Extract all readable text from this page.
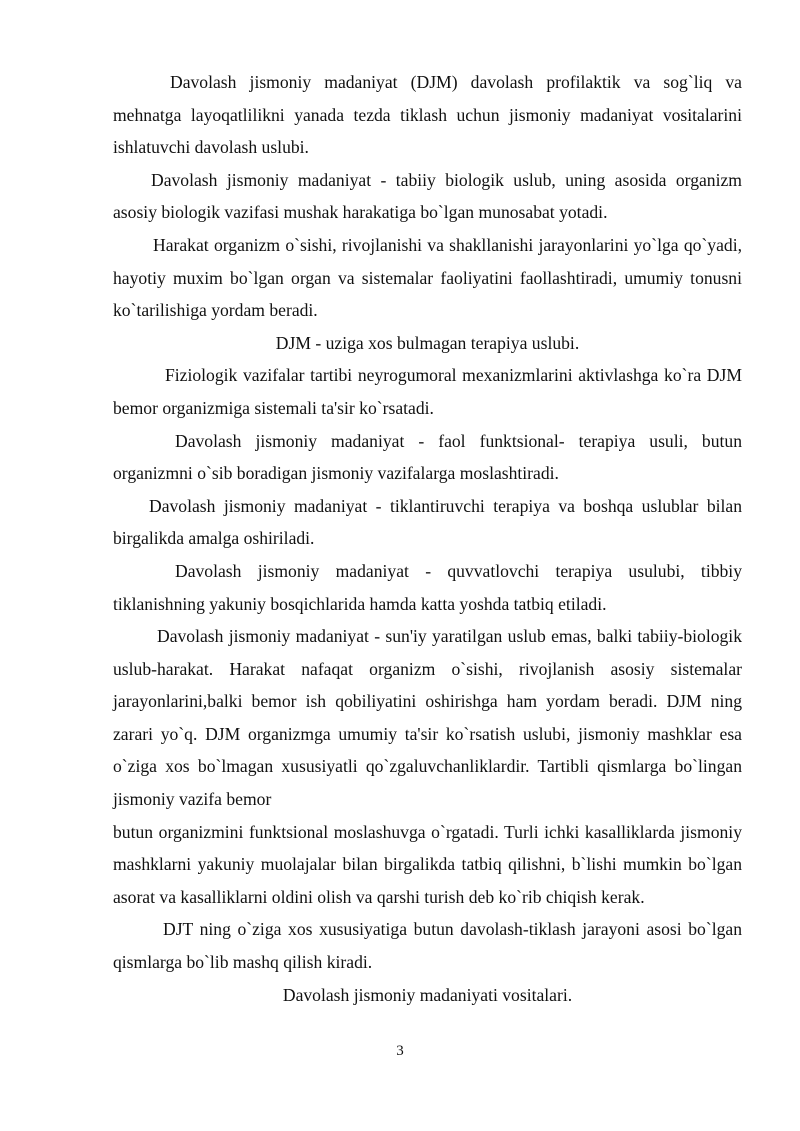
Davolash jismoniy madaniyat (DJM) davolash profilaktik va sog`liq va mehnatga layoqatlilikni yanada tezda tiklash uchun jismoniy madaniyat vositalarini ishlatuvchi davolash uslubi.

Davolash jismoniy madaniyat - tabiiy biologik uslub, uning asosida organizm asosiy biologik vazifasi mushak harakatiga bo`lgan munosabat yotadi.

Harakat organizm o`sishi, rivojlanishi va shakllanishi jarayonlarini yo`lga qo`yadi, hayotiy muxim bo`lgan organ va sistemalar faoliyatini faollashtiradi, umumiy tonusni ko`tarilishiga yordam beradi.

DJM - uziga xos bulmagan terapiya uslubi.

Fiziologik vazifalar tartibi neyrogumoral mexanizmlarini aktivlashga ko`ra DJM bemor organizmiga sistemali ta'sir ko`rsatadi.

Davolash jismoniy madaniyat - faol funktsional- terapiya usuli, butun organizmni o`sib boradigan jismoniy vazifalarga moslashtiradi.

Davolash jismoniy madaniyat - tiklantiruvchi terapiya va boshqa uslublar bilan birgalikda amalga oshiriladi.

Davolash jismoniy madaniyat - quvvatlovchi terapiya usulubi, tibbiy tiklanishning yakuniy bosqichlarida hamda katta yoshda tatbiq etiladi.

Davolash jismoniy madaniyat - sun'iy yaratilgan uslub emas, balki tabiiy-biologik uslub-harakat. Harakat nafaqat organizm o`sishi, rivojlanish asosiy sistemalar jarayonlarini,balki bemor ish qobiliyatini oshirishga ham yordam beradi. DJM ning zarari yo`q. DJM organizmga umumiy ta'sir ko`rsatish uslubi, jismoniy mashklar esa o`ziga xos bo`lmagan xususiyatli qo`zgaluvchanliklardir. Tartibli qismlarga bo`lingan jismoniy vazifa bemor

butun organizmini funktsional moslashuvga o`rgatadi. Turli ichki kasalliklarda jismoniy mashklarni yakuniy muolajalar bilan birgalikda tatbiq qilishni, b`lishi mumkin bo`lgan asorat va kasalliklarni oldini olish va qarshi turish deb ko`rib chiqish kerak.

DJT ning o`ziga xos xususiyatiga butun davolash-tiklash jarayoni asosi bo`lgan qismlarga bo`lib mashq qilish kiradi.

Davolash jismoniy madaniyati vositalari.

3
